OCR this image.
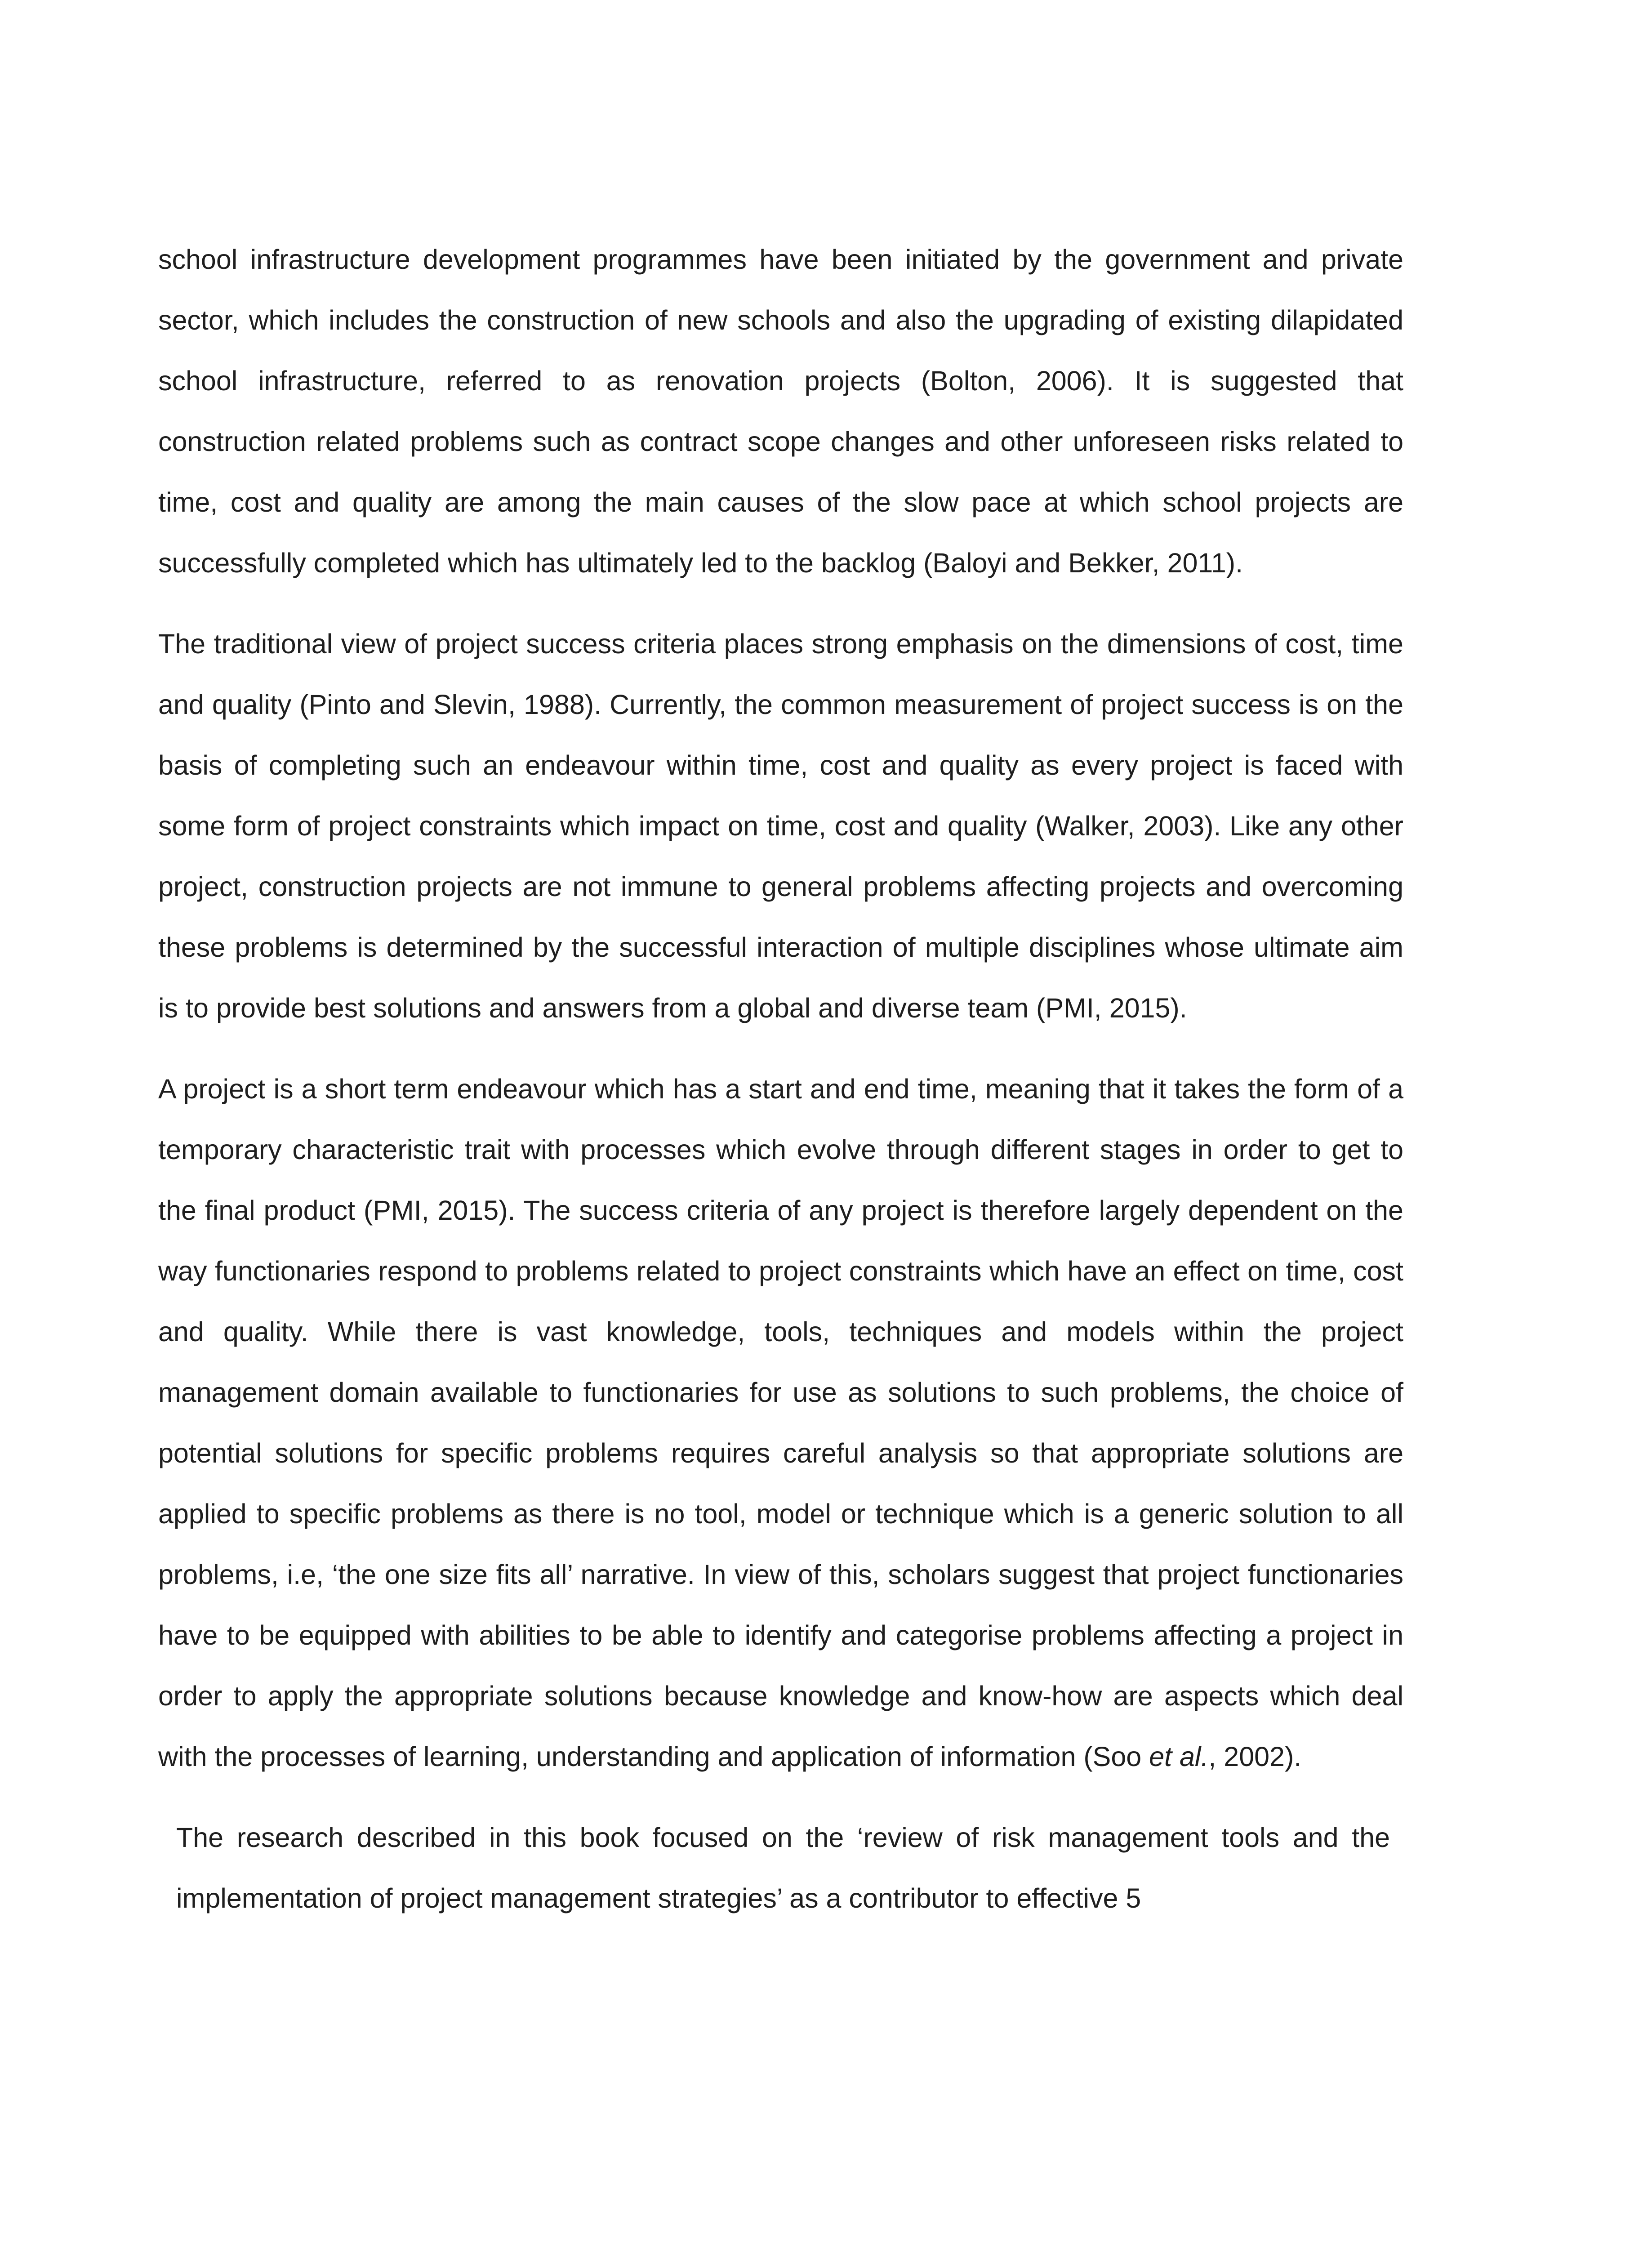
school infrastructure development programmes have been initiated by the government and private sector, which includes the construction of new schools and also the upgrading of existing dilapidated school infrastructure, referred to as renovation projects (Bolton, 2006). It is suggested that construction related problems such as contract scope changes and other unforeseen risks related to time, cost and quality are among the main causes of the slow pace at which school projects are successfully completed which has ultimately led to the backlog (Baloyi and Bekker, 2011).

The traditional view of project success criteria places strong emphasis on the dimensions of cost, time and quality (Pinto and Slevin, 1988). Currently, the common measurement of project success is on the basis of completing such an endeavour within time, cost and quality as every project is faced with some form of project constraints which impact on time, cost and quality (Walker, 2003). Like any other project, construction projects are not immune to general problems affecting projects and overcoming these problems is determined by the successful interaction of multiple disciplines whose ultimate aim is to provide best solutions and answers from a global and diverse team (PMI, 2015).

A project is a short term endeavour which has a start and end time, meaning that it takes the form of a temporary characteristic trait with processes which evolve through different stages in order to get to the final product (PMI, 2015). The success criteria of any project is therefore largely dependent on the way functionaries respond to problems related to project constraints which have an effect on time, cost and quality. While there is vast knowledge, tools, techniques and models within the project management domain available to functionaries for use as solutions to such problems, the choice of potential solutions for specific problems requires careful analysis so that appropriate solutions are applied to specific problems as there is no tool, model or technique which is a generic solution to all problems, i.e, ‘the one size fits all’ narrative. In view of this, scholars suggest that project functionaries have to be equipped with abilities to be able to identify and categorise problems affecting a project in order to apply the appropriate solutions because knowledge and know-how are aspects which deal with the processes of learning, understanding and application of information (Soo et al., 2002).

The research described in this book focused on the ‘review of risk management tools and the implementation of project management strategies’ as a contributor to effective 5
